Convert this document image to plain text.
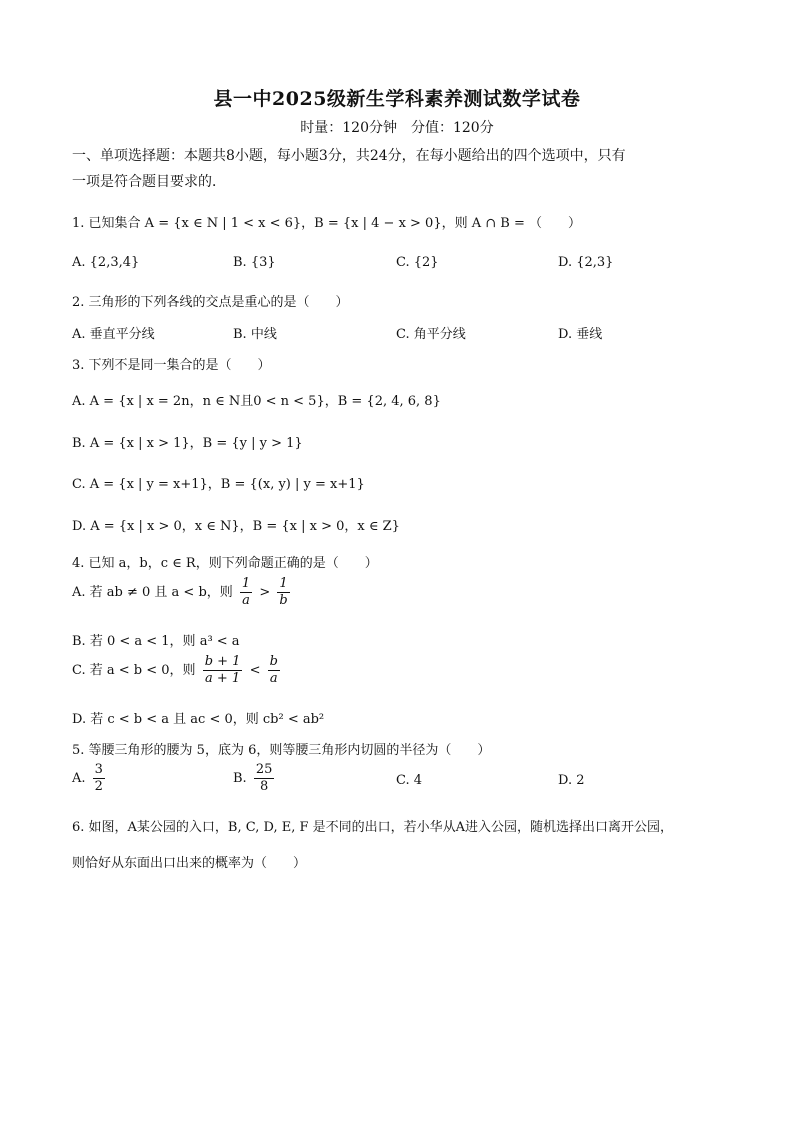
县一中2025级新生学科素养测试数学试卷
时量：120分钟　分值：120分
一、单项选择题：本题共8小题，每小题3分，共24分，在每小题给出的四个选项中，只有
一项是符合题目要求的．
1. 已知集合 A = {x ∈ N | 1 < x < 6}，B = {x | 4 − x > 0}，则 A ∩ B = （　　）
A. {2,3,4}	B. {3}	C. {2}	D. {2,3}
2. 三角形的下列各线的交点是重心的是（　　）
A. 垂直平分线	B. 中线	C. 角平分线	D. 垂线
3. 下列不是同一集合的是（　　）
A. A = {x | x = 2n，n ∈ N且0 < n < 5}，B = {2, 4, 6, 8}
B. A = {x | x > 1}，B = {y | y > 1}
C. A = {x | y = x+1}，B = {(x, y) | y = x+1}
D. A = {x | x > 0，x ∈ N}，B = {x | x > 0，x ∈ Z}
4. 已知 a，b，c ∈ R，则下列命题正确的是（　　）
A. 若 ab ≠ 0 且 a < b，则 $\frac{1}{a} > \frac{1}{b}$
B. 若 0 < a < 1，则 a³ < a
C. 若 a < b < 0，则 $\frac{b + 1}{a + 1} < \frac{b}{a}$
D. 若 c < b < a 且 ac < 0，则 cb² < ab²
5. 等腰三角形的腰为 5，底为 6，则等腰三角形内切圆的半径为（　　）
A. $\frac{3}{2}$	B. $\frac{25}{8}$	C. 4	D. 2
6. 如图，A某公园的入口，B, C, D, E, F 是不同的出口，若小华从A进入公园，随机选择出口离开公园，
则恰好从东面出口出来的概率为（　　）
